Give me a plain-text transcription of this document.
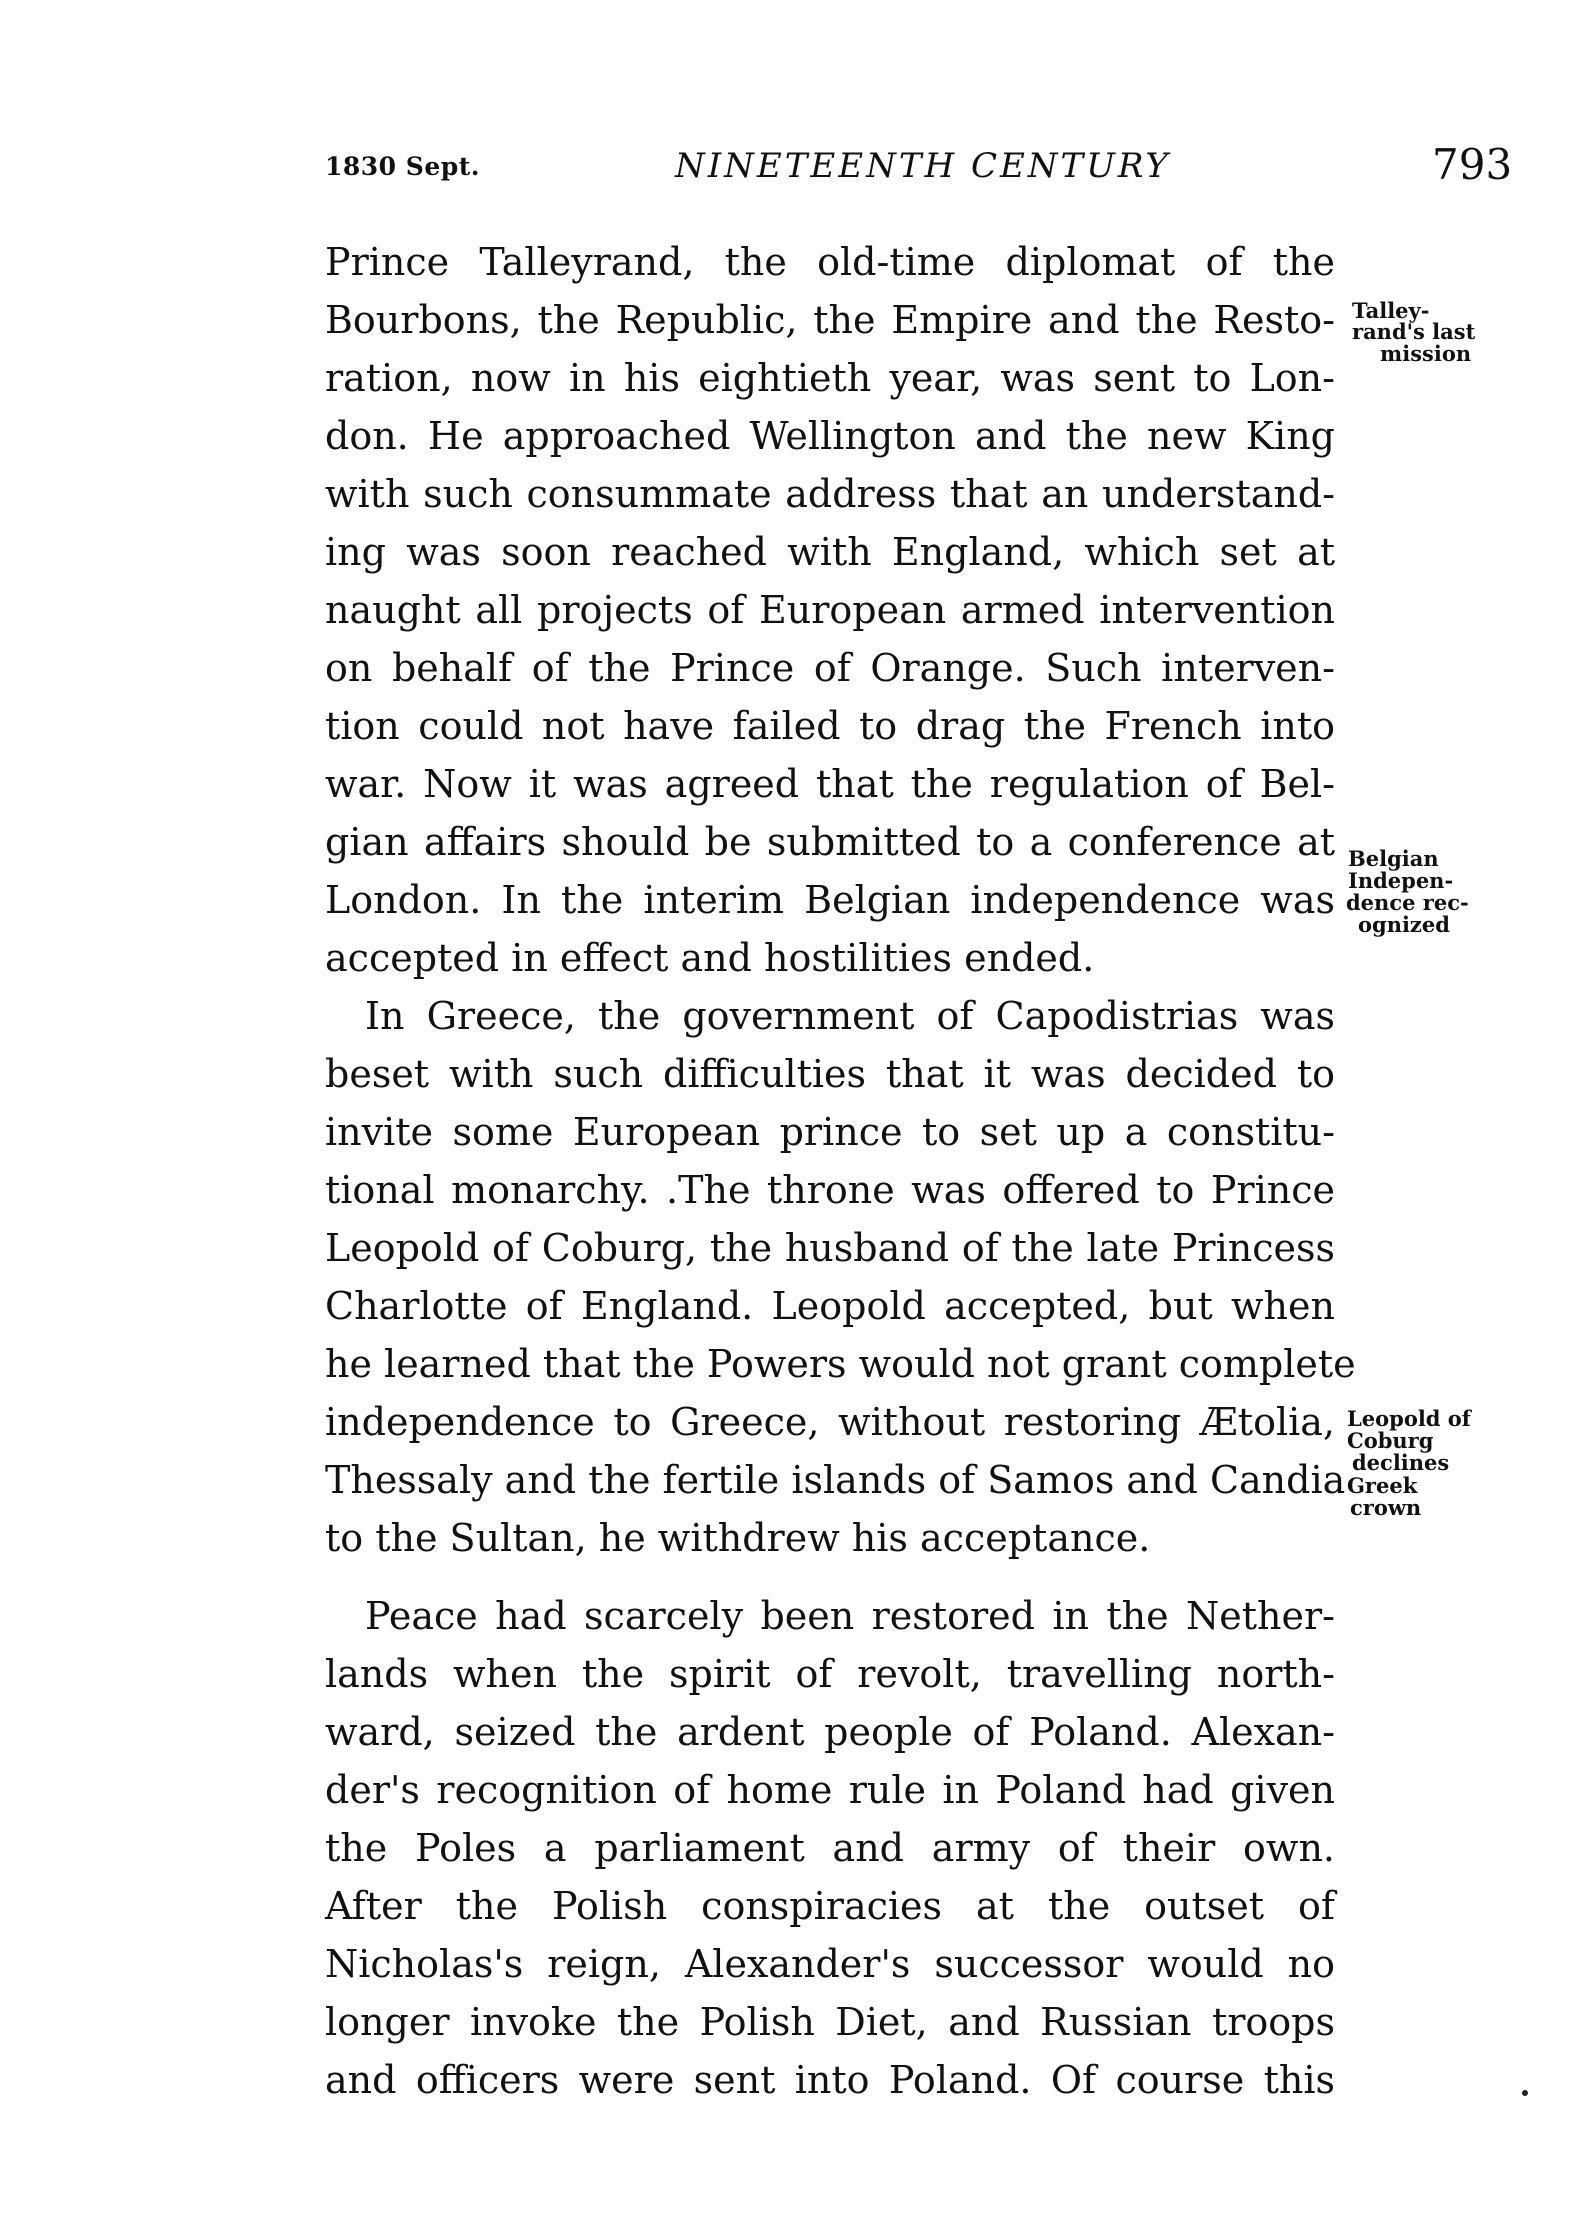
1830 Sept.	NINETEENTH CENTURY	793
Prince Talleyrand, the old-time diplomat of the
Bourbons, the Republic, the Empire and the Resto-
ration, now in his eightieth year, was sent to Lon-
don. He approached Wellington and the new King
with such consummate address that an understand-
ing was soon reached with England, which set at
naught all projects of European armed intervention
on behalf of the Prince of Orange. Such interven-
tion could not have failed to drag the French into
war. Now it was agreed that the regulation of Bel-
gian affairs should be submitted to a conference at
London. In the interim Belgian independence was
accepted in effect and hostilities ended.
In Greece, the government of Capodistrias was
beset with such difficulties that it was decided to
invite some European prince to set up a constitu-
tional monarchy. .The throne was offered to Prince
Leopold of Coburg, the husband of the late Princess
Charlotte of England. Leopold accepted, but when
he learned that the Powers would not grant complete
independence to Greece, without restoring Ætolia,
Thessaly and the fertile islands of Samos and Candia
to the Sultan, he withdrew his acceptance.
Peace had scarcely been restored in the Nether-
lands when the spirit of revolt, travelling north-
ward, seized the ardent people of Poland. Alexan-
der's recognition of home rule in Poland had given
the Poles a parliament and army of their own.
After the Polish conspiracies at the outset of
Nicholas's reign, Alexander's successor would no
longer invoke the Polish Diet, and Russian troops
and officers were sent into Poland. Of course this
Talley-
rand's last
mission
Belgian
Indepen-
dence rec-
ognized
Leopold of
Coburg
declines
Greek
crown
